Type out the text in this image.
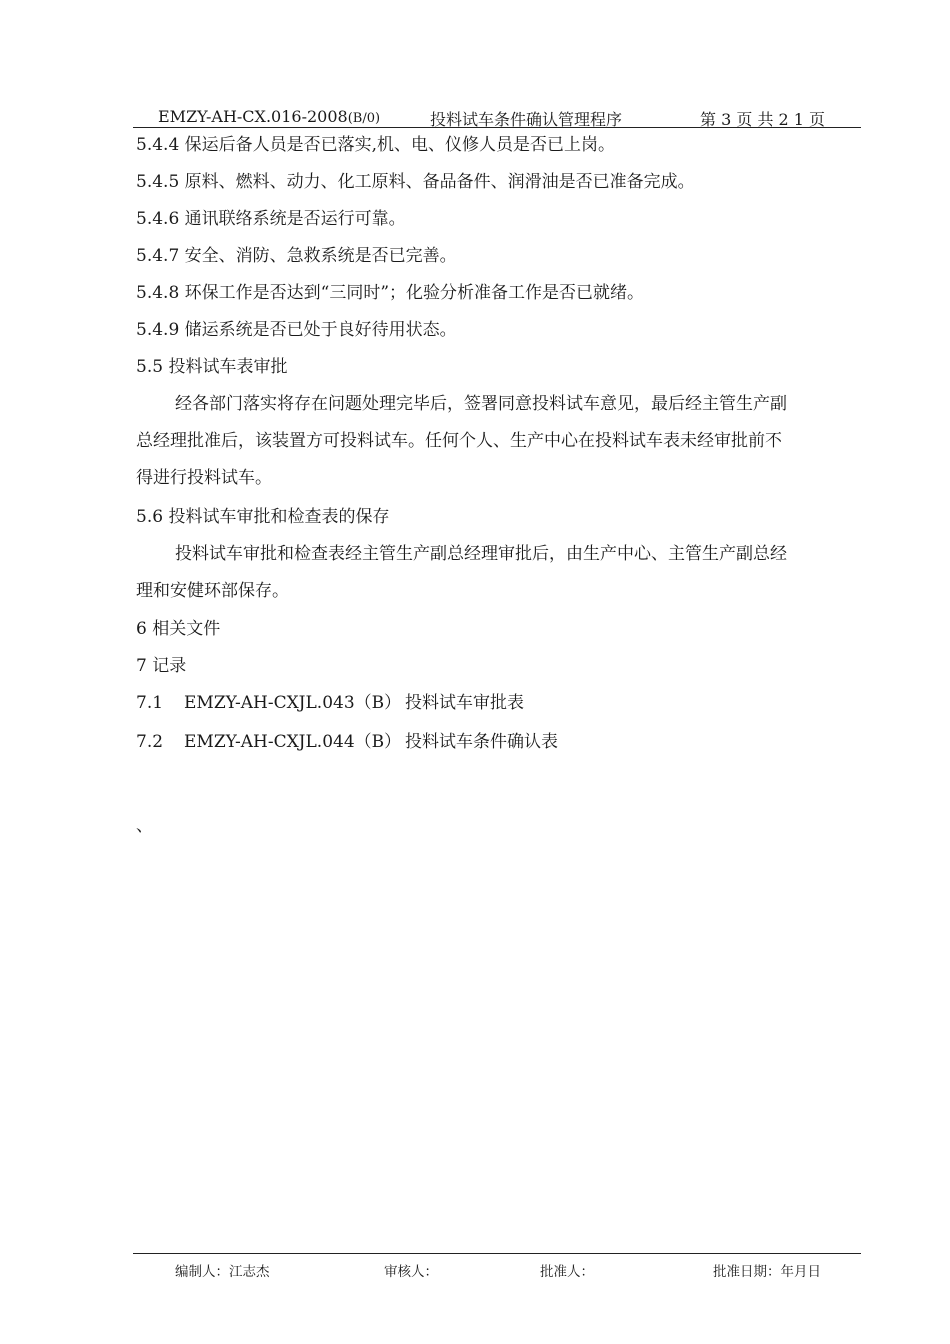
EMZY-AH-CX.016-2008(B/0)	投料试车条件确认管理程序	第 3 页 共 2 1 页
5.4.4 保运后备人员是否已落实,机、电、仪修人员是否已上岗。
5.4.5 原料、燃料、动力、化工原料、备品备件、润滑油是否已准备完成。
5.4.6 通讯联络系统是否运行可靠。
5.4.7 安全、消防、急救系统是否已完善。
5.4.8 环保工作是否达到“三同时”；化验分析准备工作是否已就绪。
5.4.9 储运系统是否已处于良好待用状态。
5.5 投料试车表审批
经各部门落实将存在问题处理完毕后，签署同意投料试车意见，最后经主管生产副
总经理批准后，该装置方可投料试车。任何个人、生产中心在投料试车表未经审批前不
得进行投料试车。
5.6 投料试车审批和检查表的保存
投料试车审批和检查表经主管生产副总经理审批后，由生产中心、主管生产副总经
理和安健环部保存。
6 相关文件
7 记录
7.1 EMZY-AH-CXJL.043（B） 投料试车审批表
7.2 EMZY-AH-CXJL.044（B） 投料试车条件确认表
、
编制人：江志杰	审核人：	批准人：	批准日期：年月日
